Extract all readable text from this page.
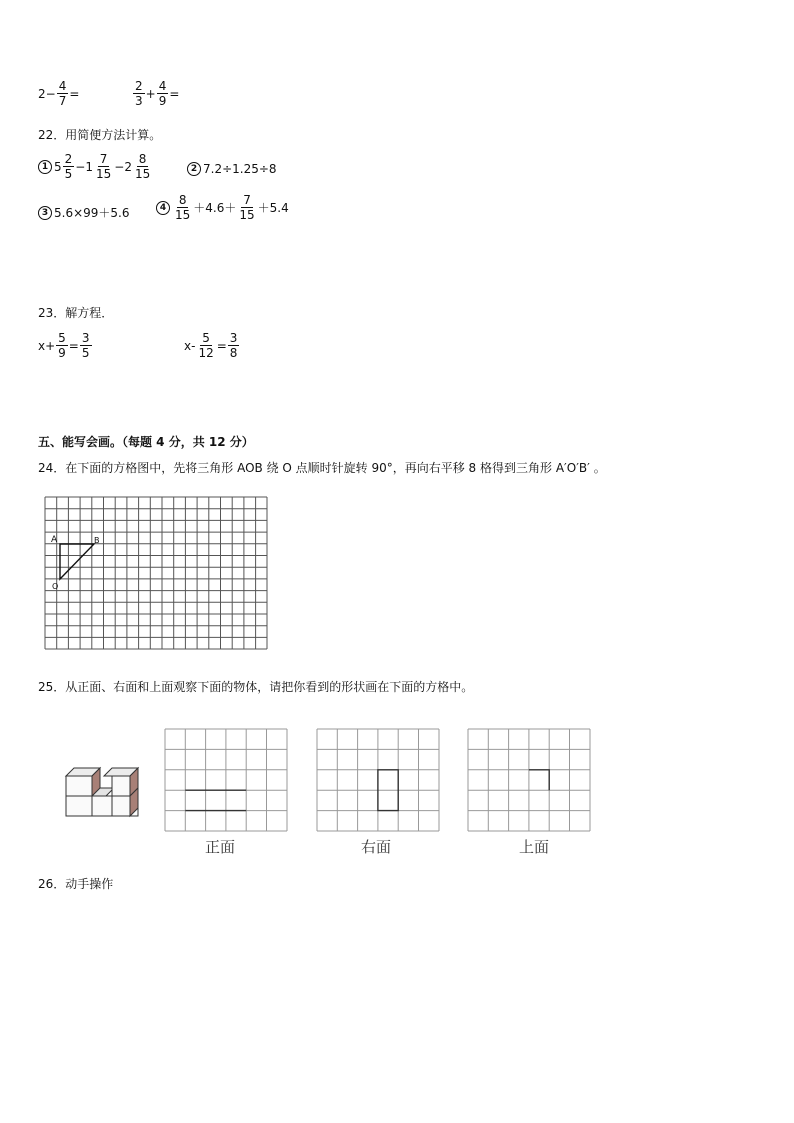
$2- \frac{4}{7}$ =	$\frac{2}{3} + \frac{4}{9}$ =
22．用简便方法计算。
1 $5 \frac{2}{5} -1 \frac{7}{15} -2 \frac{8}{15}$	2 7.2÷1.25÷8
3 5.6×99＋5.6	$4 \frac{8}{15} +4.6+ \frac{7}{15} +5.4$
23．解方程．
$x+ \frac{5}{9} = \frac{3}{5}$	$x- \frac{5}{12} = \frac{3}{8}$
五、能写会画。（每题 4 分，共 12 分）
24．在下面的方格图中，先将三角形 AOB 绕 O 点顺时针旋转 90°，再向右平移 8 格得到三角形 A′O′B′ 。
A	B
O
25．从正面、右面和上面观察下面的物体，请把你看到的形状画在下面的方格中。
正面	右面	上面
26．动手操作
